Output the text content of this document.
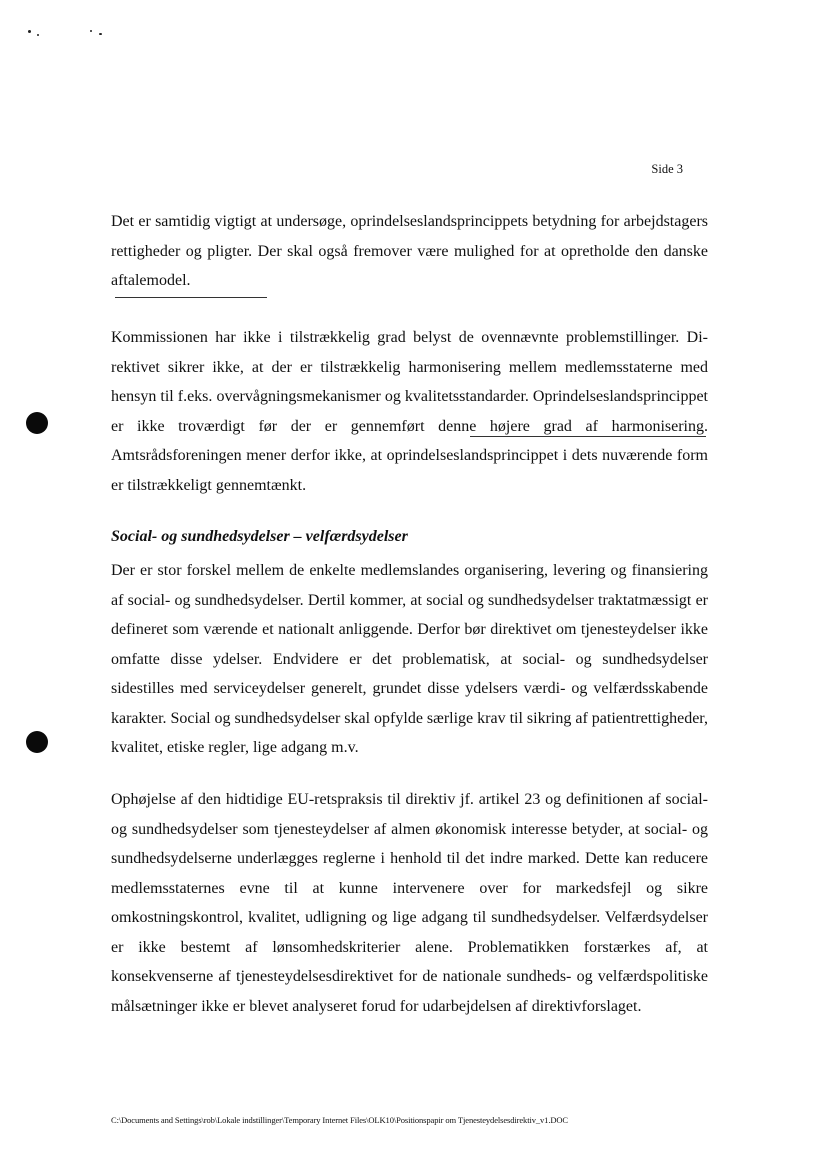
Side 3

Det er samtidig vigtigt at undersøge, oprindelseslandsprincippets betydning for arbejdstagers rettigheder og pligter. Der skal også fremover være mulighed for at opretholde den danske aftalemodel.

Kommissionen har ikke i tilstrækkelig grad belyst de ovennævnte problemstillinger. Direktivet sikrer ikke, at der er tilstrækkelig harmonisering mellem medlemsstaterne med hensyn til f.eks. overvågningsmekanismer og kvalitetsstandarder. Oprindelseslandsprincippet er ikke troværdigt før der er gennemført denne højere grad af harmonisering. Amtsrådsforeningen mener derfor ikke, at oprindelseslandsprincippet i dets nuværende form er tilstrækkeligt gennemtænkt.

Social- og sundhedsydelser – velfærdsydelser

Der er stor forskel mellem de enkelte medlemslandes organisering, levering og finansiering af social- og sundhedsydelser. Dertil kommer, at social og sundhedsydelser traktatmæssigt er defineret som værende et nationalt anliggende. Derfor bør direktivet om tjenesteydelser ikke omfatte disse ydelser. Endvidere er det problematisk, at social- og sundhedsydelser sidestilles med serviceydelser generelt, grundet disse ydelsers værdi- og velfærdsskabende karakter. Social og sundhedsydelser skal opfylde særlige krav til sikring af patientrettigheder, kvalitet, etiske regler, lige adgang m.v.

Ophøjelse af den hidtidige EU-retspraksis til direktiv jf. artikel 23 og definitionen af social- og sundhedsydelser som tjenesteydelser af almen økonomisk interesse betyder, at social- og sundhedsydelserne underlægges reglerne i henhold til det indre marked. Dette kan reducere medlemsstaternes evne til at kunne intervenere over for markedsfejl og sikre omkostningskontrol, kvalitet, udligning og lige adgang til sundhedsydelser. Velfærdsydelser er ikke bestemt af lønsomhedskriterier alene. Problematikken forstærkes af, at konsekvenserne af tjenesteydelsesdirektivet for de nationale sundheds- og velfærdspolitiske målsætninger ikke er blevet analyseret forud for udarbejdelsen af direktivforslaget.

C:\Documents and Settings\rob\Lokale indstillinger\Temporary Internet Files\OLK10\Positionspapir om Tjenesteydelsesdirektiv_v1.DOC
